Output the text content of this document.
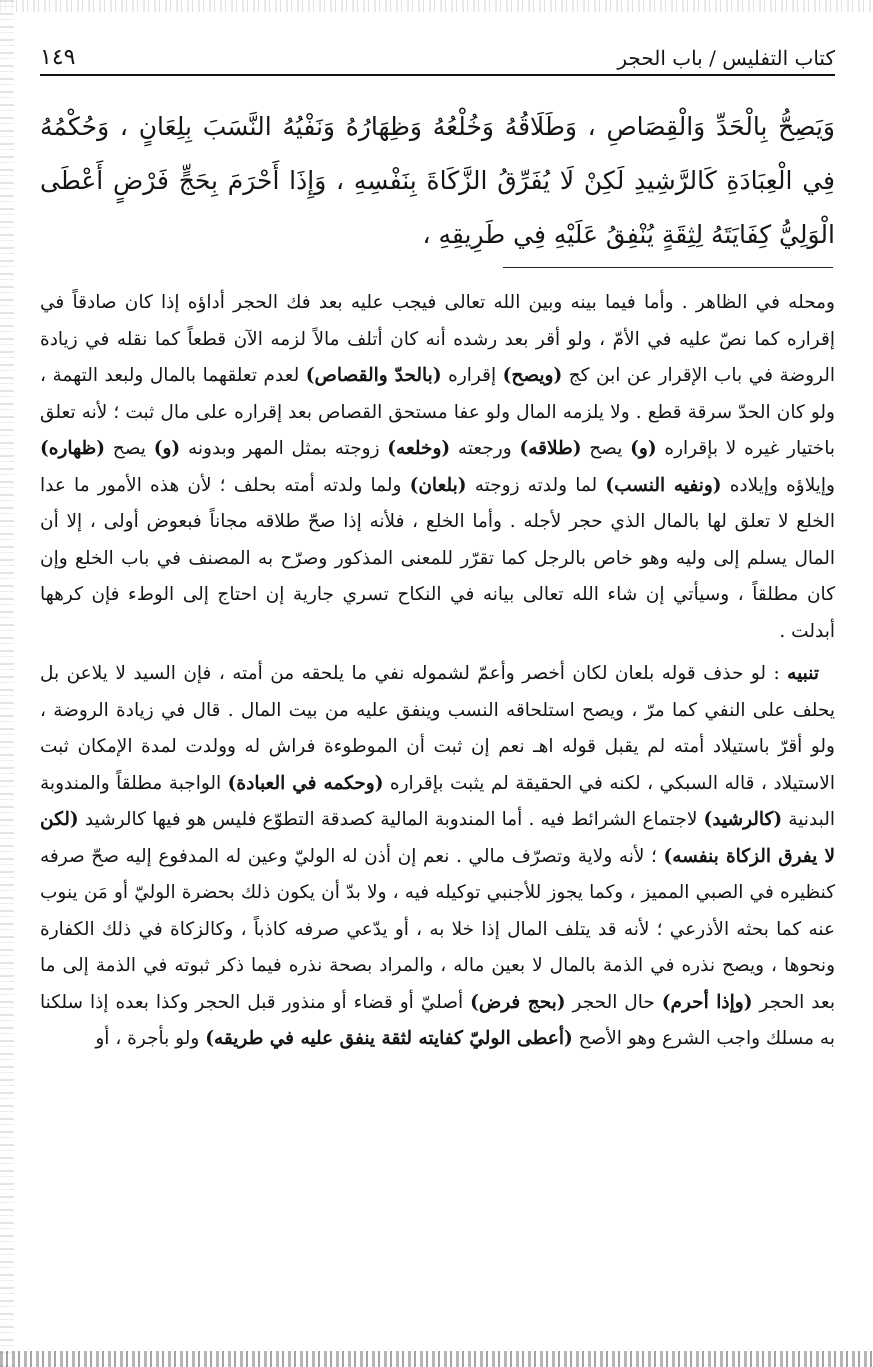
كتاب التفليس / باب الحجر
١٤٩
وَيَصِحُّ بِالْحَدِّ وَالْقِصَاصِ ، وَطَلَاقُهُ وَخُلْعُهُ وَظِهَارُهُ وَنَفْيُهُ النَّسَبَ بِلِعَانٍ ، وَحُكْمُهُ فِي الْعِبَادَةِ كَالرَّشِيدِ لَكِنْ لَا يُفَرِّقُ الزَّكَاةَ بِنَفْسِهِ ، وَإِذَا أَحْرَمَ بِحَجٍّ فَرْضٍ أَعْطَى الْوَلِيُّ كِفَايَتَهُ لِثِقَةٍ يُنْفِقُ عَلَيْهِ فِي طَرِيقِهِ ،

ومحله في الظاهر . وأما فيما بينه وبين الله تعالى فيجب عليه بعد فك الحجر أداؤه إذا كان صادقاً في إقراره كما نصّ عليه في الأمّ ، ولو أقر بعد رشده أنه كان أتلف مالاً لزمه الآن قطعاً كما نقله في زيادة الروضة في باب الإقرار عن ابن كج (ويصح) إقراره (بالحدّ والقصاص) لعدم تعلقهما بالمال ولبعد التهمة ، ولو كان الحدّ سرقة قطع . ولا يلزمه المال ولو عفا مستحق القصاص بعد إقراره على مال ثبت ؛ لأنه تعلق باختيار غيره لا بإقراره (و) يصح (طلاقه) ورجعته (وخلعه) زوجته بمثل المهر وبدونه (و) يصح (ظهاره) وإيلاؤه وإيلاده (ونفيه النسب) لما ولدته زوجته (بلعان) ولما ولدته أمته بحلف ؛ لأن هذه الأمور ما عدا الخلع لا تعلق لها بالمال الذي حجر لأجله . وأما الخلع ، فلأنه إذا صحّ طلاقه مجاناً فبعوض أولى ، إلا أن المال يسلم إلى وليه وهو خاص بالرجل كما تقرّر للمعنى المذكور وصرّح به المصنف في باب الخلع وإن كان مطلقاً ، وسيأتي إن شاء الله تعالى بيانه في النكاح تسري جارية إن احتاج إلى الوطء فإن كرهها أبدلت .

تنبيه : لو حذف قوله بلعان لكان أخصر وأعمّ لشموله نفي ما يلحقه من أمته ، فإن السيد لا يلاعن بل يحلف على النفي كما مرّ ، ويصح استلحاقه النسب وينفق عليه من بيت المال . قال في زيادة الروضة ، ولو أقرّ باستيلاد أمته لم يقبل قوله اهـ نعم إن ثبت أن الموطوءة فراش له وولدت لمدة الإمكان ثبت الاستيلاد ، قاله السبكي ، لكنه في الحقيقة لم يثبت بإقراره (وحكمه في العبادة) الواجبة مطلقاً والمندوبة البدنية (كالرشيد) لاجتماع الشرائط فيه . أما المندوبة المالية كصدقة التطوّع فليس هو فيها كالرشيد (لكن لا يفرق الزكاة بنفسه) ؛ لأنه ولاية وتصرّف مالي . نعم إن أذن له الوليّ وعين له المدفوع إليه صحّ صرفه كنظيره في الصبي المميز ، وكما يجوز للأجنبي توكيله فيه ، ولا بدّ أن يكون ذلك بحضرة الوليّ أو مَن ينوب عنه كما بحثه الأذرعي ؛ لأنه قد يتلف المال إذا خلا به ، أو يدّعي صرفه كاذباً ، وكالزكاة في ذلك الكفارة ونحوها ، ويصح نذره في الذمة بالمال لا بعين ماله ، والمراد بصحة نذره فيما ذكر ثبوته في الذمة إلى ما بعد الحجر (وإذا أحرم) حال الحجر (بحج فرض) أصليّ أو قضاء أو منذور قبل الحجر وكذا بعده إذا سلكنا به مسلك واجب الشرع وهو الأصح (أعطى الوليّ كفايته لثقة ينفق عليه في طريقه) ولو بأجرة ، أو
